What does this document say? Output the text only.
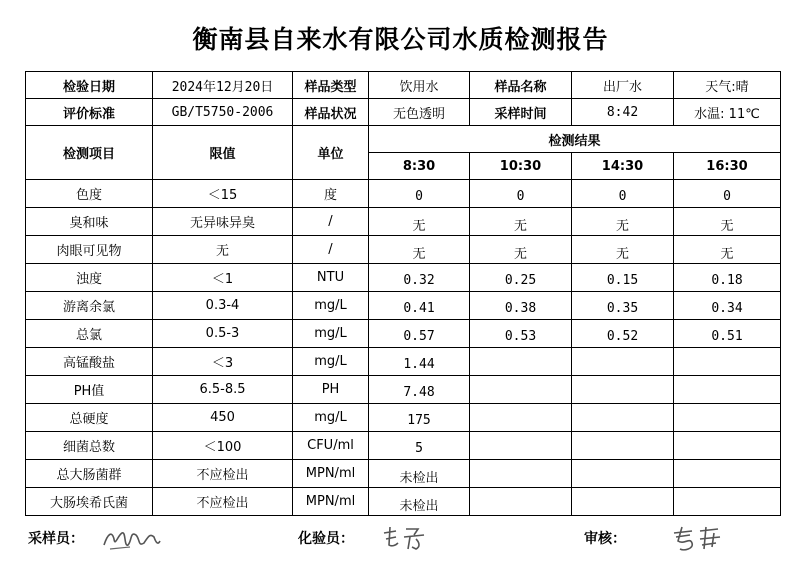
衡南县自来水有限公司水质检测报告
检验日期	2024年12月20日	样品类型	饮用水	样品名称	出厂水	天气:晴
评价标准	GB/T5750-2006	样品状况	无色透明	采样时间	8:42	水温: 11℃
检测项目	限值	单位	检测结果			
			8:30	10:30	14:30	16:30
色度	＜15	度	0	0	0	0
臭和味	无异味异臭	/	无	无	无	无
肉眼可见物	无	/	无	无	无	无
浊度	＜1	NTU	0.32	0.25	0.15	0.18
游离余氯	0.3-4	mg/L	0.41	0.38	0.35	0.34
总氯	0.5-3	mg/L	0.57	0.53	0.52	0.51
高锰酸盐	＜3	mg/L	1.44			
PH值	6.5-8.5	PH	7.48			
总硬度	450	mg/L	175			
细菌总数	＜100	CFU/ml	5			
总大肠菌群	不应检出	MPN/ml	未检出			
大肠埃希氏菌	不应检出	MPN/ml	未检出			
采样员：	化验员：	审核：
